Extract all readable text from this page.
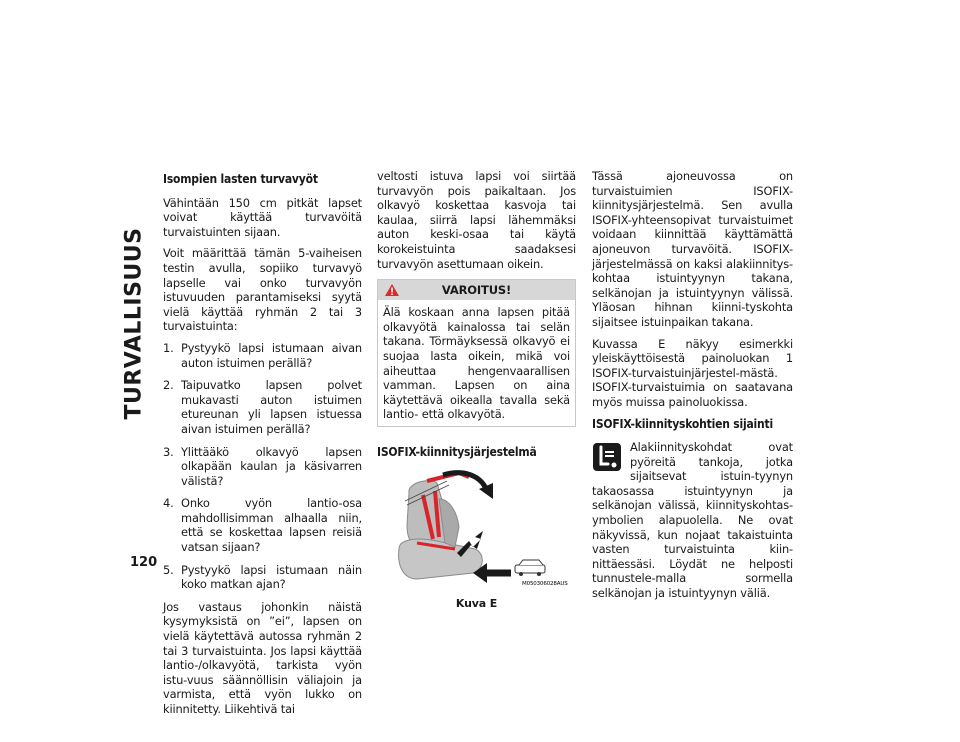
TURVALLISUUS
120
Isompien lasten turvavyöt

Vähintään 150 cm pitkät lapset voivat käyttää turvavöitä turvaistuinten sijaan.

Voit määrittää tämän 5-vaiheisen testin avulla, sopiiko turvavyö lapselle vai onko turvavyön istuvuuden parantamiseksi syytä vielä käyttää ryhmän 2 tai 3 turvaistuinta:

1. Pystyykö lapsi istumaan aivan auton istuimen perällä?
2. Taipuvatko lapsen polvet mukavasti auton istuimen etureunan yli lapsen istuessa aivan istuimen perällä?
3. Ylittääkö olkavyö lapsen olkapään kaulan ja käsivarren välistä?
4. Onko vyön lantio-osa mahdollisimman alhaalla niin, että se koskettaa lapsen reisiä vatsan sijaan?
5. Pystyykö lapsi istumaan näin koko matkan ajan?

Jos vastaus johonkin näistä kysymyksistä on ”ei”, lapsen on vielä käytettävä autossa ryhmän 2 tai 3 turvaistuinta. Jos lapsi käyttää lantio-/olkavyötä, tarkista vyön istu-vuus säännöllisin väliajoin ja varmista, että vyön lukko on kiinnitetty. Liikehtivä tai

veltosti istuva lapsi voi siirtää turvavyön pois paikaltaan. Jos olkavyö koskettaa kasvoja tai kaulaa, siirrä lapsi lähemmäksi auton keski-osaa tai käytä korokeistuinta saadaksesi turvavyön asettumaan oikein.

VAROITUS!
Älä koskaan anna lapsen pitää olkavyötä kainalossa tai selän takana. Törmäyksessä olkavyö ei suojaa lasta oikein, mikä voi aiheuttaa hengenvaarallisen vamman. Lapsen on aina käytettävä oikealla tavalla sekä lantio- että olkavyötä.
ISOFIX-kiinnitysjärjestelmä
M050306028AUS
Kuva E

Tässä ajoneuvossa on turvaistuimien ISOFIX-kiinnitysjärjestelmä. Sen avulla ISOFIX-yhteensopivat turvaistuimet voidaan kiinnittää käyttämättä ajoneuvon turvavöitä. ISOFIX-järjestelmässä on kaksi alakiinnitys-kohtaa istuintyynyn takana, selkänojan ja istuintyynyn välissä. Yläosan hihnan kiinni-tyskohta sijaitsee istuinpaikan takana.

Kuvassa E näkyy esimerkki yleiskäyttöisestä painoluokan 1 ISOFIX-turvaistuinjärjestel-mästä. ISOFIX-turvaistuimia on saatavana myös muissa painoluokissa.

ISOFIX-kiinnityskohtien sijainti

Alakiinnityskohdat ovat pyöreitä tankoja, jotka sijaitsevat istuin-tyynyn takaosassa istuintyynyn ja selkänojan välissä, kiinnityskohtas-ymbolien alapuolella. Ne ovat näkyvissä, kun nojaat takaistuinta vasten turvaistuinta kiin-nittäessäsi. Löydät ne helposti tunnustele-malla sormella selkänojan ja istuintyynyn väliä.
